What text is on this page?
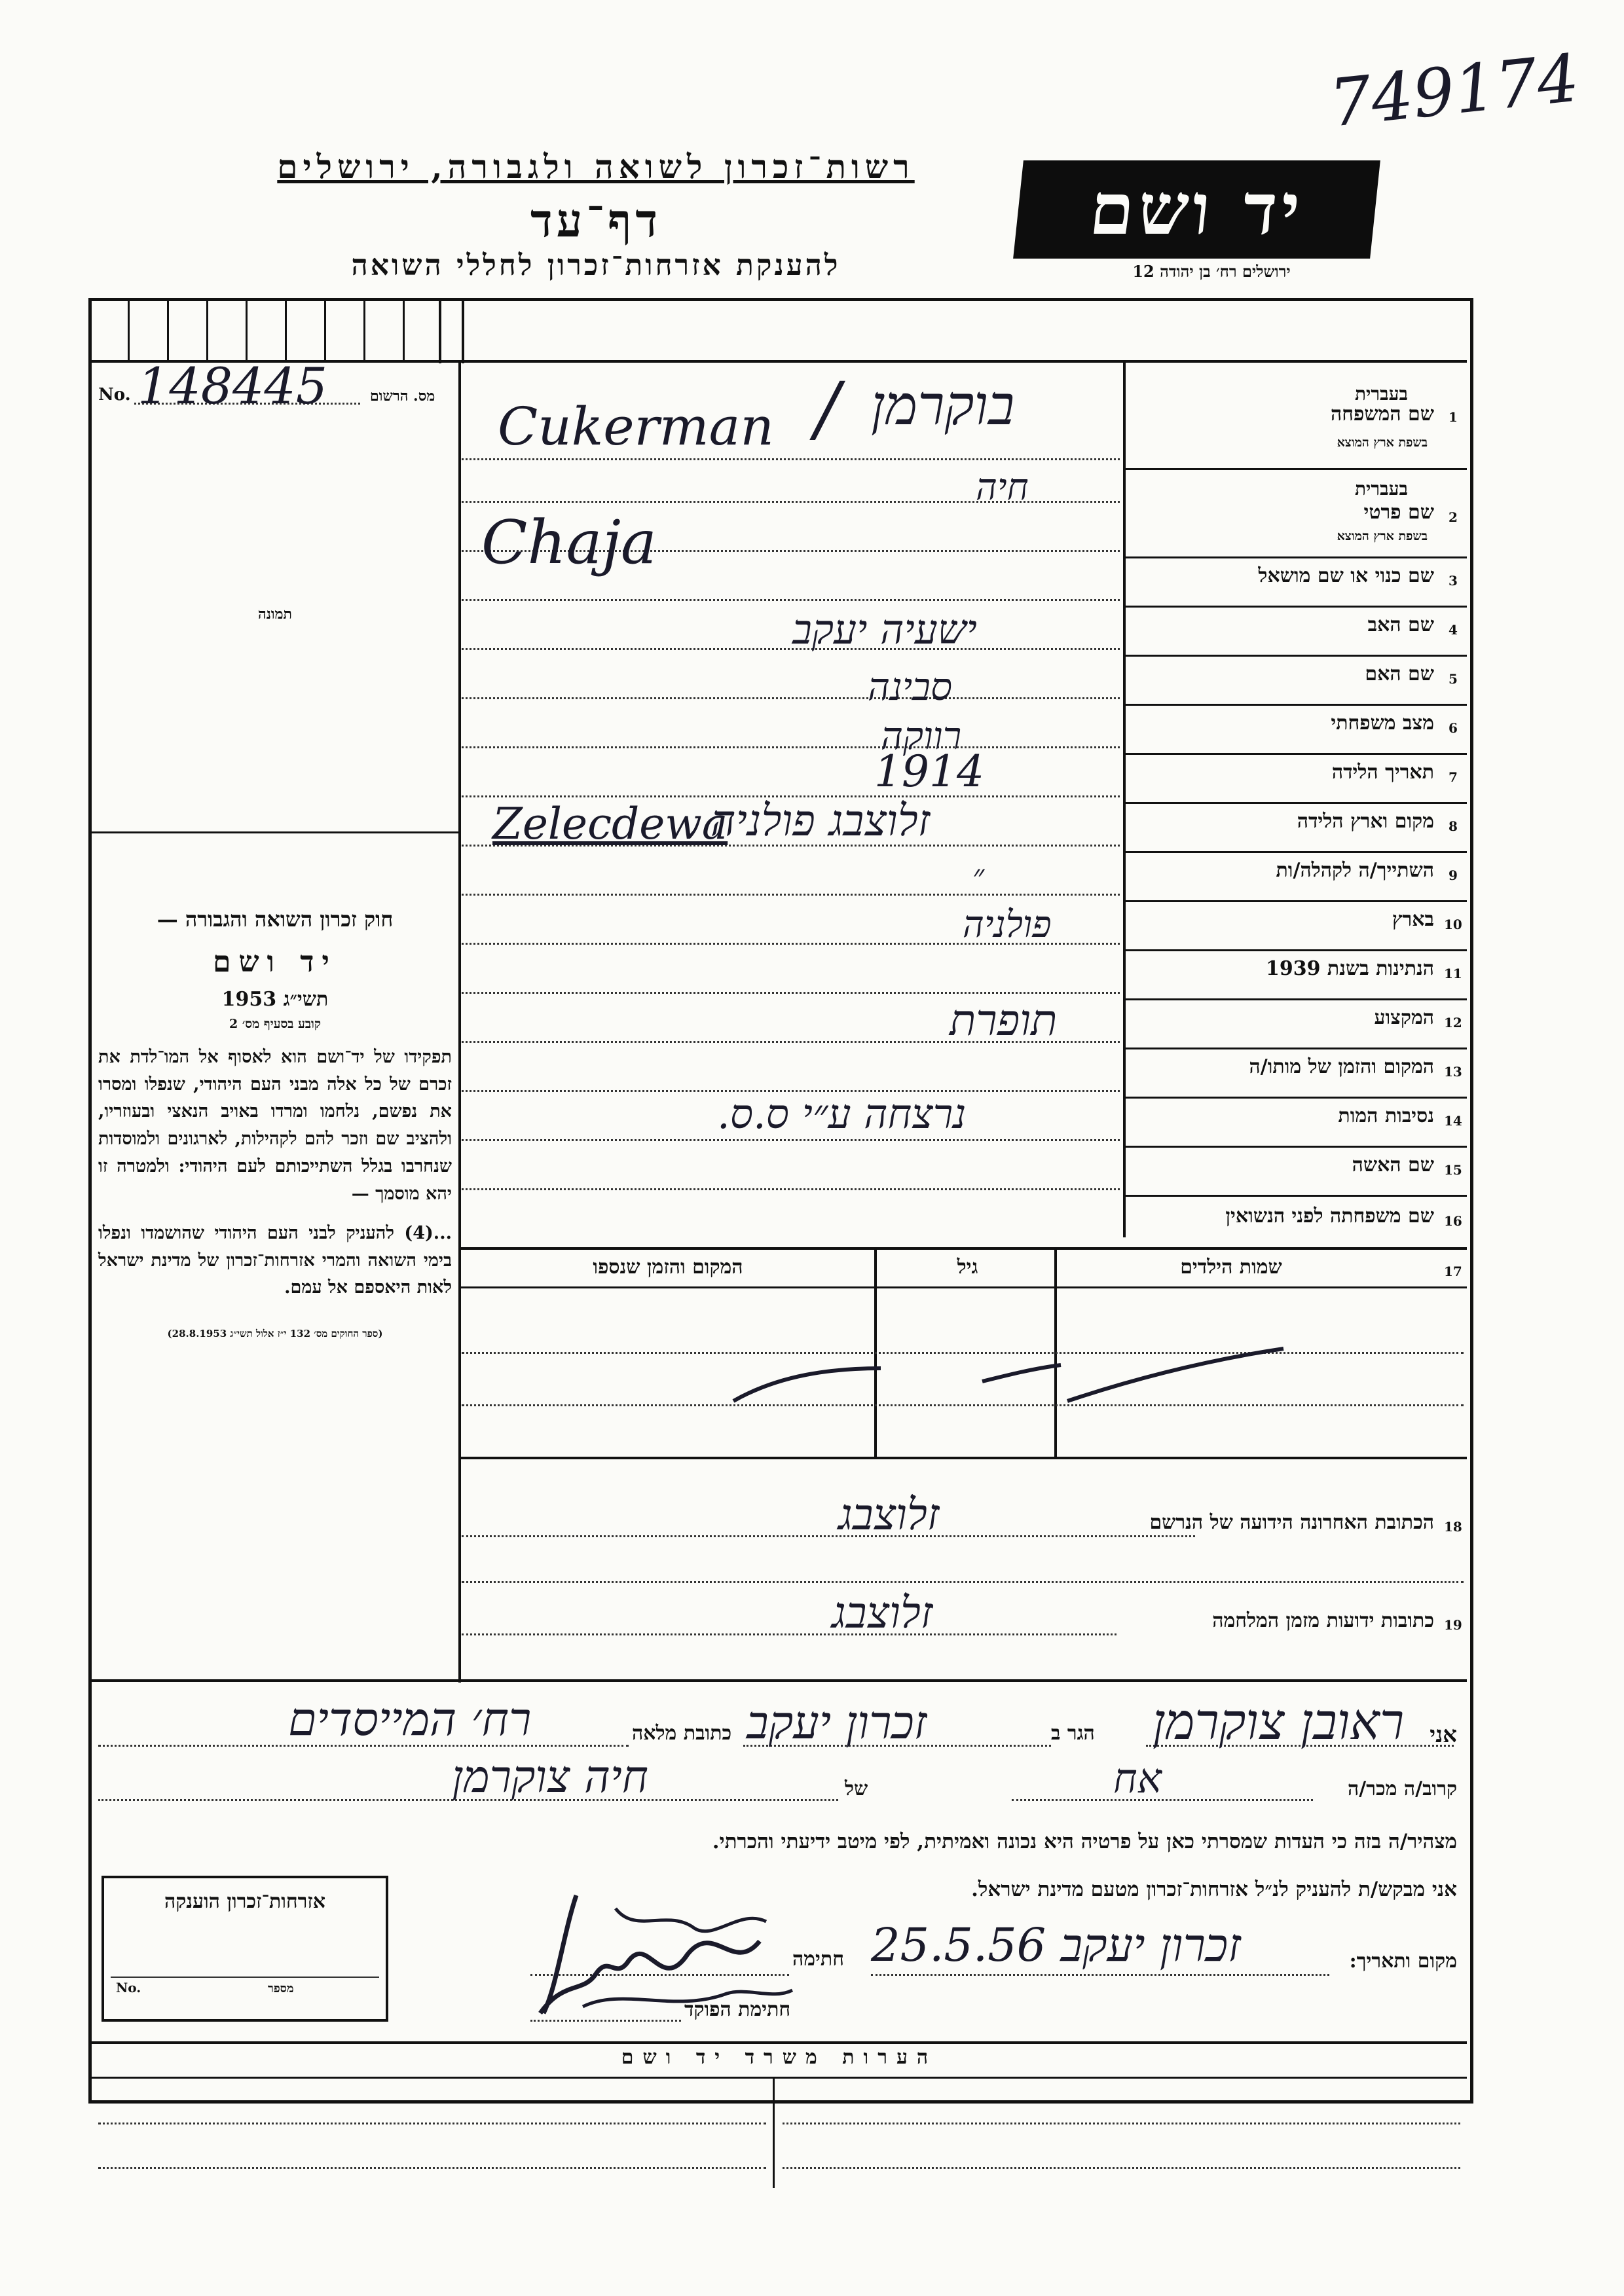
749174
רשות־זכרון לשואה ולגבורה, ירושלים
דף־עד
להענקת אזרחות־זכרון לחללי השואה
יד ושם
ירושלים רח׳ בן יהודה 12
No. 148445	מס. הרשום
תמונה
חוק זכרון השואה והגבורה —
יד ושם
תשי״ג 1953
קובע בסעיף מס׳ 2

תפקידו של יד־ושם הוא לאסוף אל המו־לדת את זכרם של כל אלה מבני העם היהודי, שנפלו ומסרו את נפשם, נלחמו ומרדו באויב הנאצי ובעוזריו, ולהציב שם וזכר להם לקהילות, לארגונים ולמוסדות שנחרבו בגלל השתייכותם לעם היהודי: ולמטרה זו יהא מוסמך —

...(4) להעניק לבני העם היהודי שהושמדו ונפלו בימי השואה והמרי אזרחות־זכרון של מדינת ישראל לאות היאספם אל עמם.

(ספר החוקים מס׳ 132 י״ז אלול תשי״ג 28.8.1953)
1
בעברית
שם המשפחה
בשפת ארץ המוצא
2
בעברית
שם פרטי
בשפת ארץ המוצא
3
שם כנוי או שם מושאל
4
שם האב
5
שם האם
6
מצב משפחתי
7
תאריך הלידה
8
מקום וארץ הלידה
9
השתייך/ה לקהלה/ות
10
בארץ
11
הנתינות בשנת 1939
12
המקצוע
13
המקום והזמן של מותו/ה
14
נסיבות המות
15
שם האשה
16
שם משפחתה לפני הנשואין
בוקרמן
/
Cukerman
חיה
Chaja
ישעיה יעקב
סבינה
רווקה
1914
זלוצבג פולניה
Zelecdewa
״
פולניה
תופרת
נרצחה ע״י ס.ס.
17
שמות הילדים
גיל
המקום והזמן שנספו
18
הכתובת האחרונה הידועה של הנרשם
זלוצבג
19
כתובות ידועות מזמן המלחמה
זלוצבג
אני
ראובן צוקרמן
הגר ב
זכרון יעקב
כתובת מלאה
רח׳ המייסדים
קרוב/ה מכר/ה
אח
של
חיה צוקרמן
מצהיר/ה בזה כי העדות שמסרתי כאן על פרטיה היא נכונה ואמיתית, לפי מיטב ידיעתי והכרתי.
אני מבקש/ת להעניק לנ״ל אזרחות־זכרון מטעם מדינת ישראל.
אזרחות־זכרון הוענקה
No.	מספר
מקום ותאריך:
זכרון יעקב 25.5.56
חתימה
חתימת הפוקד
הערות משרד יד ושם
